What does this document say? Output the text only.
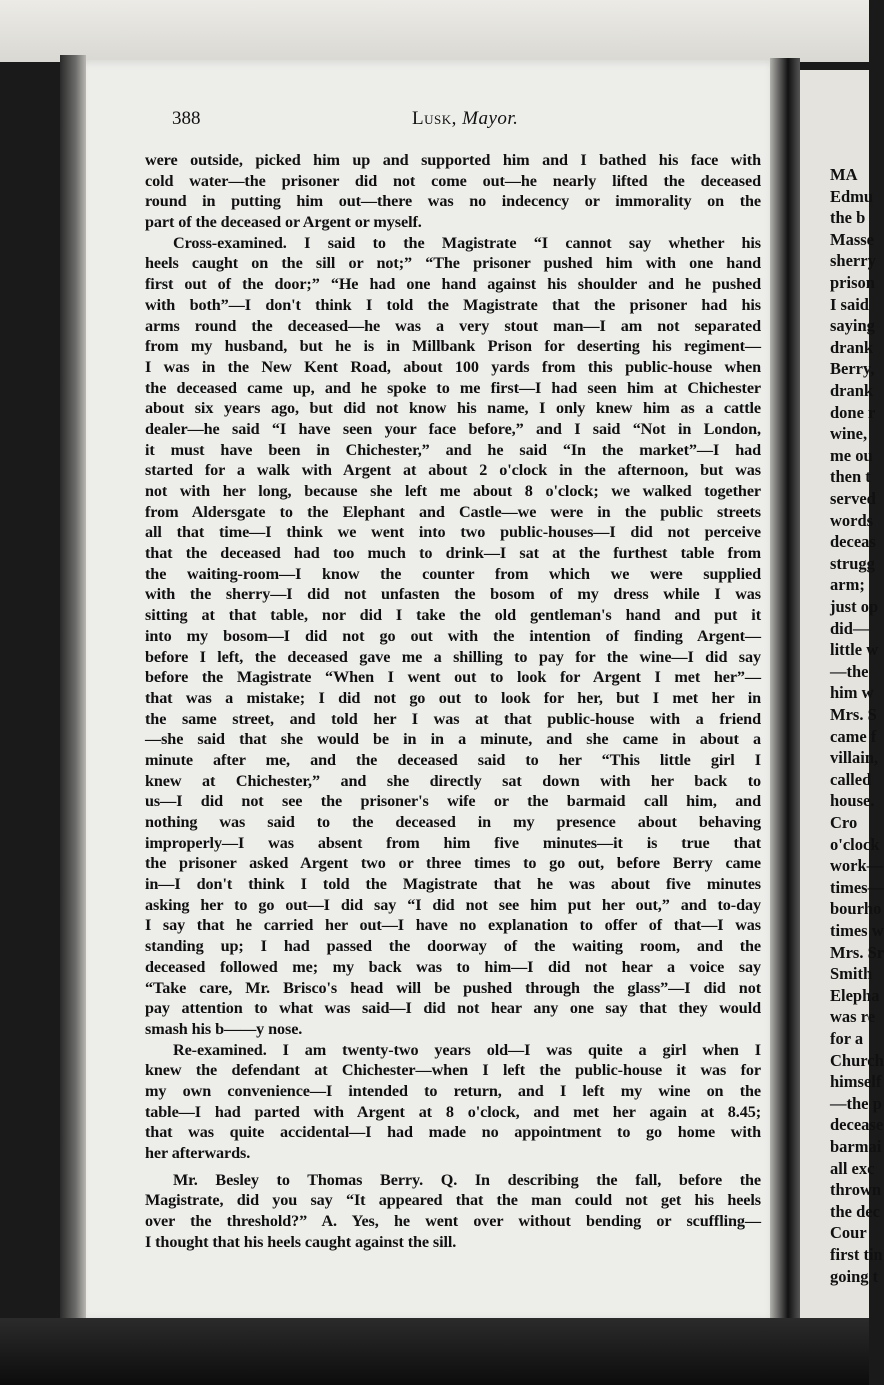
MA
Edmu
the b
Masse
sherry
prison
I said
saying
drank
Berry,
drank
done r
wine,
me ou
then t
served
words
deceas
strugg
arm;
just op
did—
little w
—the
him w
Mrs. S
came f
villain,
called
house.
Cro
o'clock
work—
times—
bourho
times w
Mrs. Sr
Smith
Elepha
was re
for a
Church
himself
—the p
decease
barmai
all exc
thrown
the dec
Cour
first tin
going t
388	Lusk, Mayor.
were outside, picked him up and supported him and I bathed his face with
cold water—the prisoner did not come out—he nearly lifted the deceased
round in putting him out—there was no indecency or immorality on the
part of the deceased or Argent or myself.
Cross-examined. I said to the Magistrate “I cannot say whether his
heels caught on the sill or not;” “The prisoner pushed him with one hand
first out of the door;” “He had one hand against his shoulder and he pushed
with both”—I don't think I told the Magistrate that the prisoner had his
arms round the deceased—he was a very stout man—I am not separated
from my husband, but he is in Millbank Prison for deserting his regiment—
I was in the New Kent Road, about 100 yards from this public-house when
the deceased came up, and he spoke to me first—I had seen him at Chichester
about six years ago, but did not know his name, I only knew him as a cattle
dealer—he said “I have seen your face before,” and I said “Not in London,
it must have been in Chichester,” and he said “In the market”—I had
started for a walk with Argent at about 2 o'clock in the afternoon, but was
not with her long, because she left me about 8 o'clock; we walked together
from Aldersgate to the Elephant and Castle—we were in the public streets
all that time—I think we went into two public-houses—I did not perceive
that the deceased had too much to drink—I sat at the furthest table from
the waiting-room—I know the counter from which we were supplied
with the sherry—I did not unfasten the bosom of my dress while I was
sitting at that table, nor did I take the old gentleman's hand and put it
into my bosom—I did not go out with the intention of finding Argent—
before I left, the deceased gave me a shilling to pay for the wine—I did say
before the Magistrate “When I went out to look for Argent I met her”—
that was a mistake; I did not go out to look for her, but I met her in
the same street, and told her I was at that public-house with a friend
—she said that she would be in in a minute, and she came in about a
minute after me, and the deceased said to her “This little girl I
knew at Chichester,” and she directly sat down with her back to
us—I did not see the prisoner's wife or the barmaid call him, and
nothing was said to the deceased in my presence about behaving
improperly—I was absent from him five minutes—it is true that
the prisoner asked Argent two or three times to go out, before Berry came
in—I don't think I told the Magistrate that he was about five minutes
asking her to go out—I did say “I did not see him put her out,” and to-day
I say that he carried her out—I have no explanation to offer of that—I was
standing up; I had passed the doorway of the waiting room, and the
deceased followed me; my back was to him—I did not hear a voice say
“Take care, Mr. Brisco's head will be pushed through the glass”—I did not
pay attention to what was said—I did not hear any one say that they would
smash his b——y nose.
Re-examined. I am twenty-two years old—I was quite a girl when I
knew the defendant at Chichester—when I left the public-house it was for
my own convenience—I intended to return, and I left my wine on the
table—I had parted with Argent at 8 o'clock, and met her again at 8.45;
that was quite accidental—I had made no appointment to go home with
her afterwards.
Mr. Besley to Thomas Berry. Q. In describing the fall, before the
Magistrate, did you say “It appeared that the man could not get his heels
over the threshold?” A. Yes, he went over without bending or scuffling—
I thought that his heels caught against the sill.
